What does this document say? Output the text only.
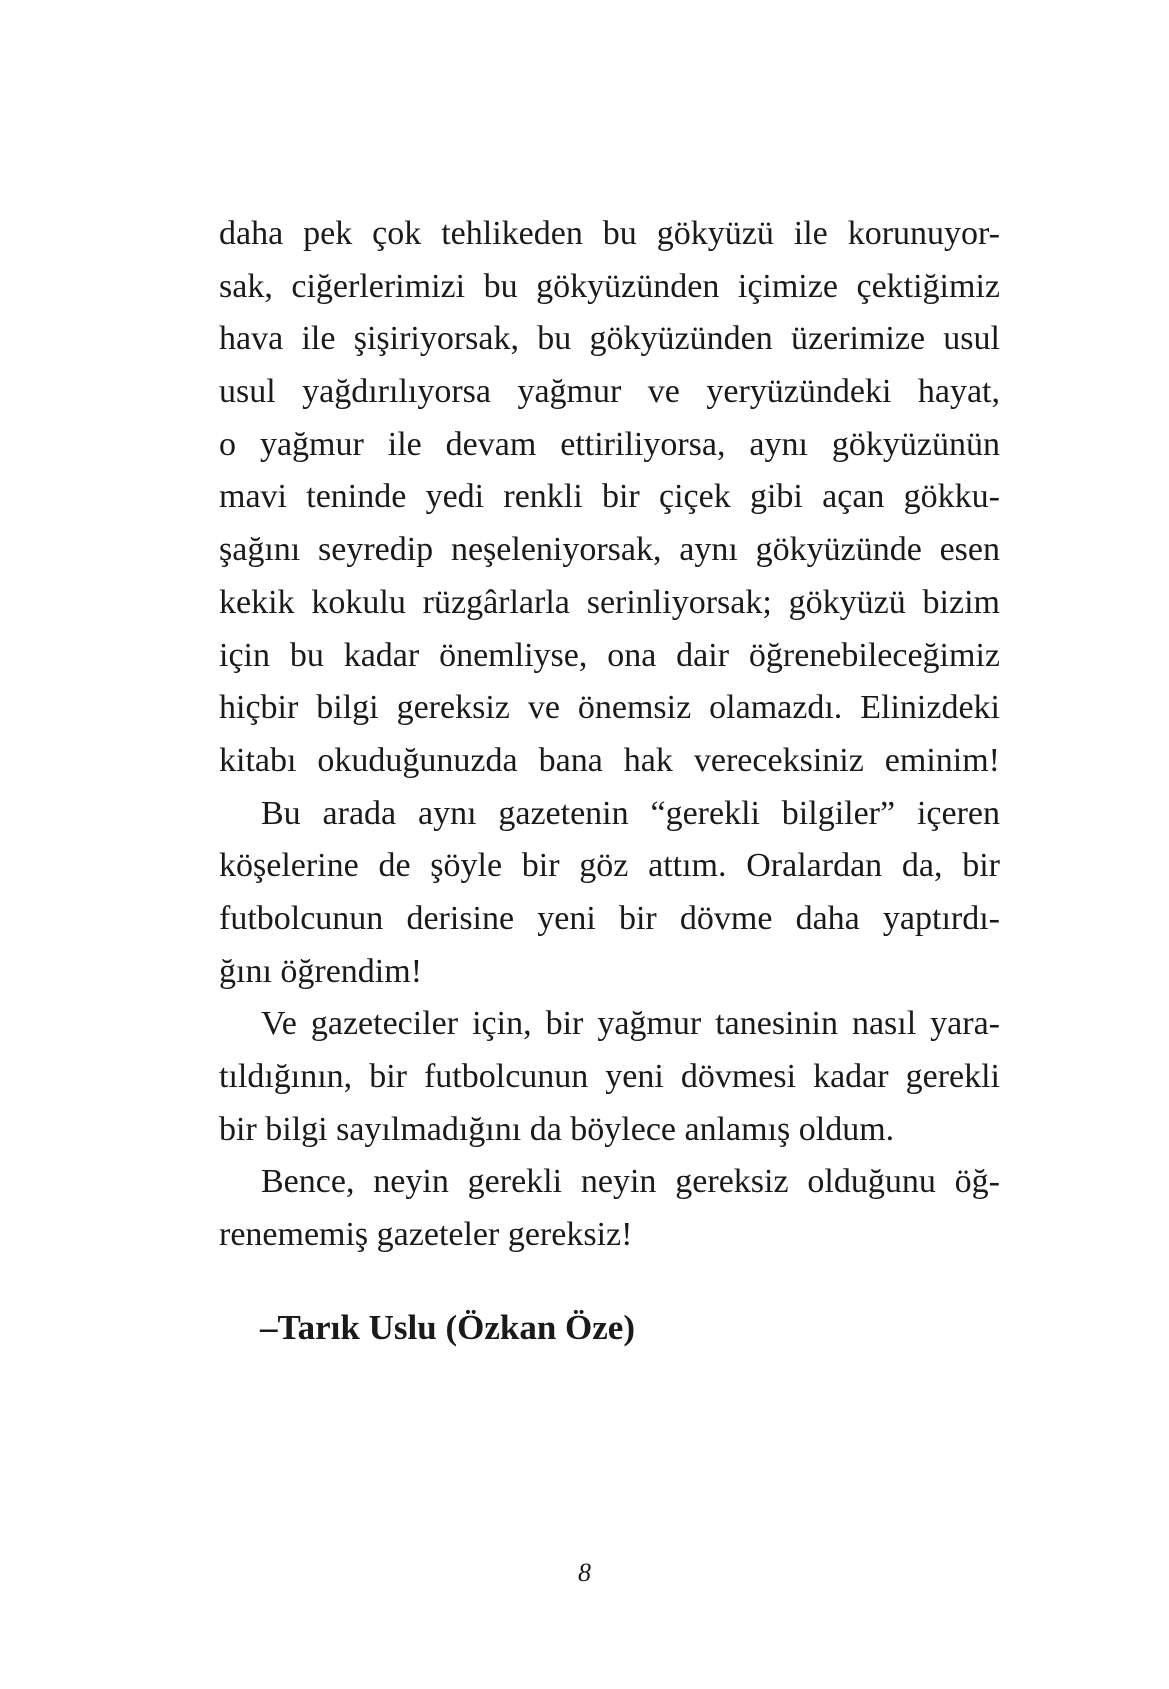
daha pek çok tehlikeden bu gökyüzü ile korunuyor-
sak, ciğerlerimizi bu gökyüzünden içimize çektiğimiz
hava ile şişiriyorsak, bu gökyüzünden üzerimize usul
usul yağdırılıyorsa yağmur ve yeryüzündeki hayat,
o yağmur ile devam ettiriliyorsa, aynı gökyüzünün
mavi teninde yedi renkli bir çiçek gibi açan gökku-
şağını seyredip neşeleniyorsak, aynı gökyüzünde esen
kekik kokulu rüzgârlarla serinliyorsak; gökyüzü bizim
için bu kadar önemliyse, ona dair öğrenebileceğimiz
hiçbir bilgi gereksiz ve önemsiz olamazdı. Elinizdeki
kitabı okuduğunuzda bana hak vereceksiniz eminim!
Bu arada aynı gazetenin “gerekli bilgiler” içeren
köşelerine de şöyle bir göz attım. Oralardan da, bir
futbolcunun derisine yeni bir dövme daha yaptırdı-
ğını öğrendim!
Ve gazeteciler için, bir yağmur tanesinin nasıl yara-
tıldığının, bir futbolcunun yeni dövmesi kadar gerekli
bir bilgi sayılmadığını da böylece anlamış oldum.
Bence, neyin gerekli neyin gereksiz olduğunu öğ-
renememiş gazeteler gereksiz!
–Tarık Uslu (Özkan Öze)
8
